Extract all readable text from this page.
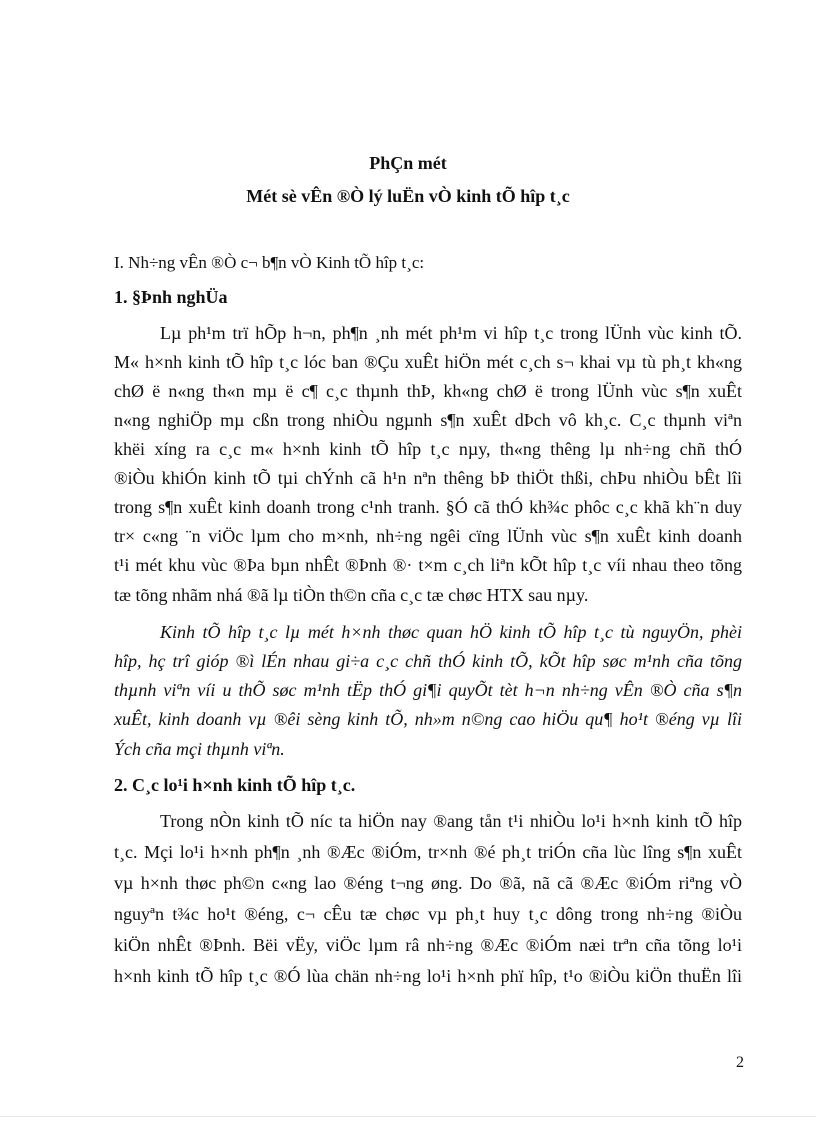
PhÇn mét
Mét sè vÊn ®Ò lý luËn vÒ kinh tÕ hîp t¸c
I. Nh÷ng vÊn ®Ò c¬ b¶n vÒ Kinh tÕ hîp t¸c:
1. §Þnh nghÜa
Lµ ph¹m trï hÕp h¬n, ph¶n ¸nh mét ph¹m vi hîp t¸c trong lÜnh vùc kinh tÕ.
M« h×nh kinh tÕ hîp t¸c lóc ban ®Çu xuÊt hiÖn mét c¸ch s¬ khai vµ tù ph¸t kh«ng
chØ ë n«ng th«n mµ ë c¶ c¸c thµnh thÞ, kh«ng chØ ë trong lÜnh vùc s¶n xuÊt
n«ng nghiÖp mµ cßn trong nhiÒu ngµnh s¶n xuÊt dÞch vô kh¸c. C¸c thµnh viªn
khëi xíng ra c¸c m« h×nh kinh tÕ hîp t¸c nµy, th«ng thêng lµ nh÷ng chñ thÓ
®iÒu khiÓn kinh tÕ tµi chÝnh cã h¹n nªn thêng bÞ thiÖt thßi, chÞu nhiÒu bÊt lîi
trong s¶n xuÊt kinh doanh trong c¹nh tranh. §Ó cã thÓ kh¾c phôc c¸c khã kh¨n duy
tr× c«ng ¨n viÖc lµm cho m×nh, nh÷ng ngêi cïng lÜnh vùc s¶n xuÊt kinh doanh
t¹i mét khu vùc ®Þa bµn nhÊt ®Þnh ®· t×m c¸ch liªn kÕt hîp t¸c víi nhau theo tõng
tæ tõng nhãm nhá ®ã lµ tiÒn th©n cña c¸c tæ chøc HTX sau nµy.
Kinh tÕ hîp t¸c lµ mét h×nh thøc quan hÖ kinh tÕ hîp t¸c tù nguyÖn, phèi
hîp, hç trî gióp ®ì lÉn nhau gi÷a c¸c chñ thÓ kinh tÕ, kÕt hîp søc m¹nh cña tõng
thµnh viªn víi u thÕ søc m¹nh tËp thÓ gi¶i quyÕt tèt h¬n nh÷ng vÊn ®Ò cña s¶n
xuÊt, kinh doanh vµ ®êi sèng kinh tÕ, nh»m n©ng cao hiÖu qu¶ ho¹t ®éng vµ lîi
Ých cña mçi thµnh viªn.
2. C¸c lo¹i h×nh kinh tÕ hîp t¸c.
Trong nÒn kinh tÕ níc ta hiÖn nay ®ang tån t¹i nhiÒu lo¹i h×nh kinh tÕ hîp
t¸c. Mçi lo¹i h×nh ph¶n ¸nh ®Æc ®iÓm, tr×nh ®é ph¸t triÓn cña lùc lîng s¶n xuÊt
vµ h×nh thøc ph©n c«ng lao ®éng t¬ng øng. Do ®ã, nã cã ®Æc ®iÓm riªng vÒ
nguyªn t¾c ho¹t ®éng, c¬ cÊu tæ chøc vµ ph¸t huy t¸c dông trong nh÷ng ®iÒu
kiÖn nhÊt ®Þnh. Bëi vËy, viÖc lµm râ nh÷ng ®Æc ®iÓm næi trªn cña tõng lo¹i
h×nh kinh tÕ hîp t¸c ®Ó lùa chän nh÷ng lo¹i h×nh phï hîp, t¹o ®iÒu kiÖn thuËn lîi
2
